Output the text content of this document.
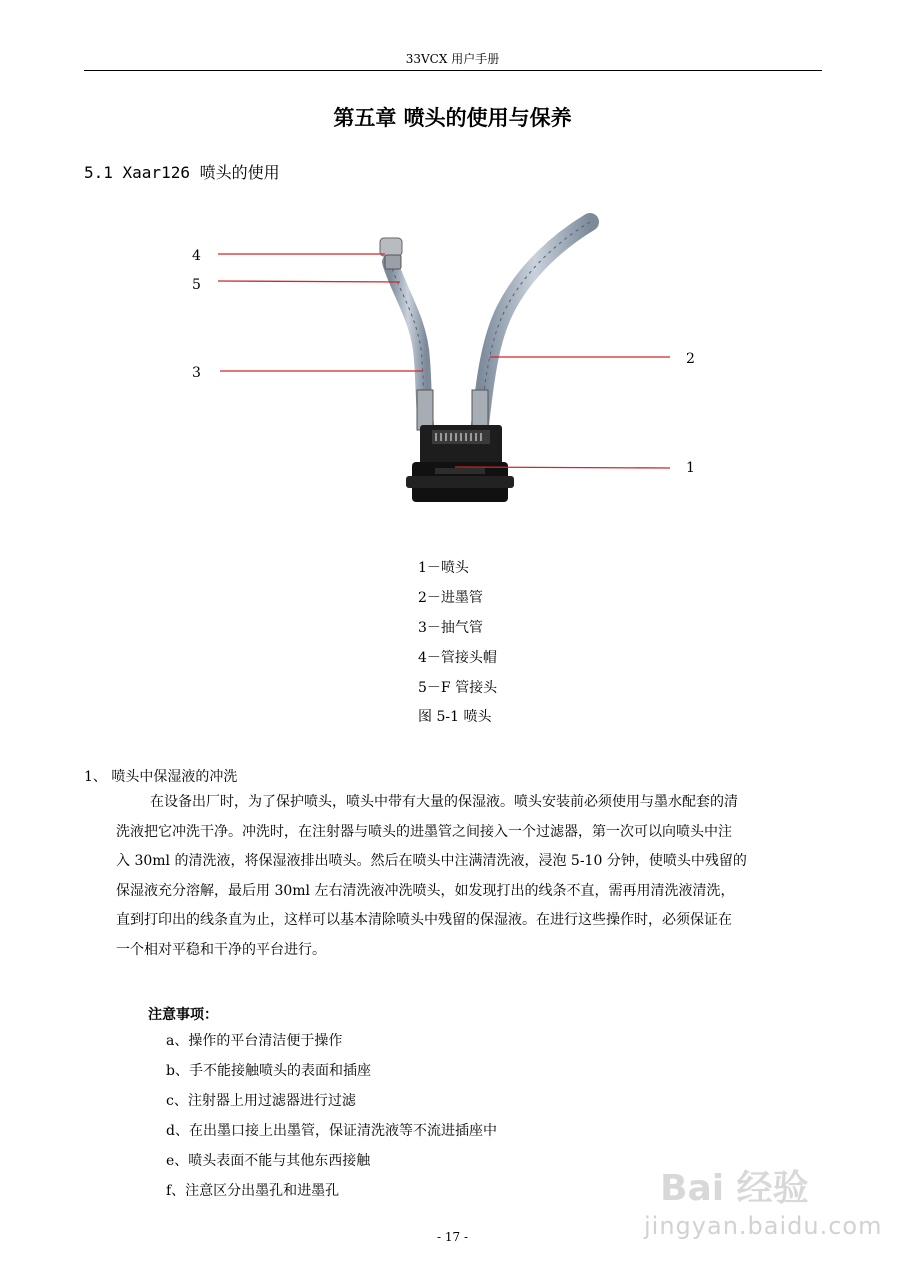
33VCX 用户手册
第五章 喷头的使用与保养
5.1 Xaar126 喷头的使用
4
5
3
2
1
1－喷头
2－进墨管
3－抽气管
4－管接头帽
5－F 管接头
图 5-1 喷头
1、 喷头中保湿液的冲洗

在设备出厂时，为了保护喷头，喷头中带有大量的保湿液。喷头安装前必须使用与墨水配套的清

洗液把它冲洗干净。冲洗时，在注射器与喷头的进墨管之间接入一个过滤器，第一次可以向喷头中注

入 30ml 的清洗液，将保湿液排出喷头。然后在喷头中注满清洗液，浸泡 5-10 分钟，使喷头中残留的

保湿液充分溶解，最后用 30ml 左右清洗液冲洗喷头，如发现打出的线条不直，需再用清洗液清洗，

直到打印出的线条直为止，这样可以基本清除喷头中残留的保湿液。在进行这些操作时，必须保证在

一个相对平稳和干净的平台进行。

注意事项：
a、操作的平台清洁便于操作
b、手不能接触喷头的表面和插座
c、注射器上用过滤器进行过滤
d、在出墨口接上出墨管，保证清洗液等不流进插座中
e、喷头表面不能与其他东西接触
f、注意区分出墨孔和进墨孔	Bai 经验
jingyan.baidu.com
- 17 -
